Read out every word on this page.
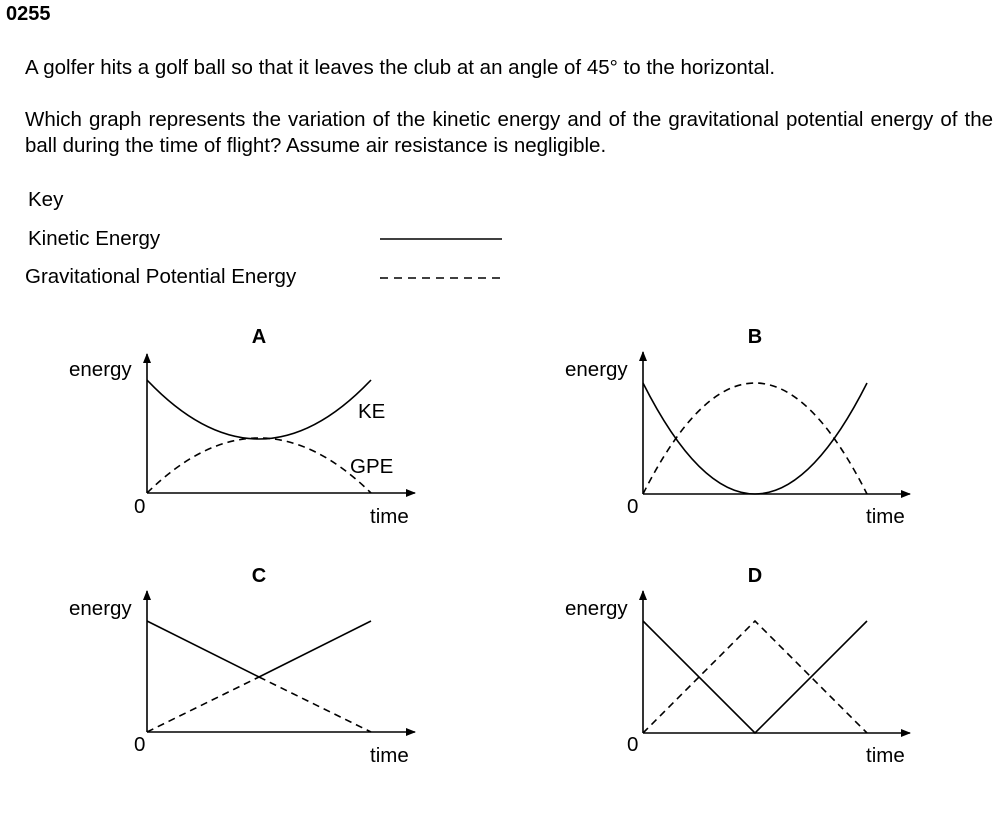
0255
A golfer hits a golf ball so that it leaves the club at an angle of 45° to the horizontal.
Which graph represents the variation of the kinetic energy and of the gravitational potential energy of the ball during the time of flight? Assume air resistance is negligible.
Key
Kinetic Energy
Gravitational Potential Energy
A
energy
0	time
KE
GPE
B
energy
0	time
C
energy
0	time
D
energy
0	time
